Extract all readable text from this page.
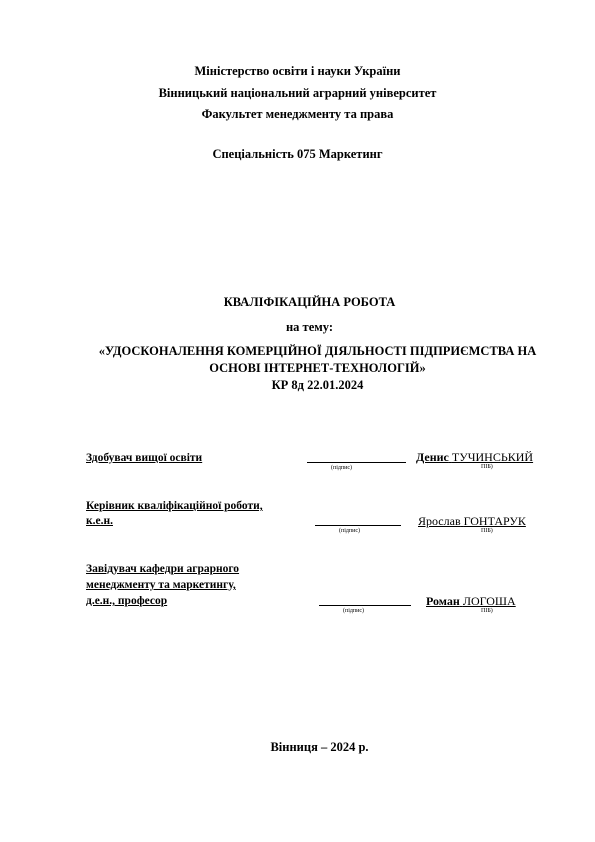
Міністерство освіти і науки України
Вінницький національний аграрний університет
Факультет менеджменту та права
Спеціальність 075 Маркетинг
КВАЛІФІКАЦІЙНА РОБОТА
на тему:
«УДОСКОНАЛЕННЯ КОМЕРЦІЙНОЇ ДІЯЛЬНОСТІ ПІДПРИЄМСТВА НА
ОСНОВІ ІНТЕРНЕТ-ТЕХНОЛОГІЙ»
КР 8д 22.01.2024
Здобувач вищої освіти
(підпис)
Денис ТУЧИНСЬКИЙ
ПІБ)
Керівник кваліфікаційної роботи,
к.е.н.
(підпис)
Ярослав ГОНТАРУК
ПІБ)
Завідувач кафедри аграрного
менеджменту та маркетингу,
д.е.н., професор
(підпис)
Роман ЛОГОША
ПІБ)
Вінниця – 2024 р.
